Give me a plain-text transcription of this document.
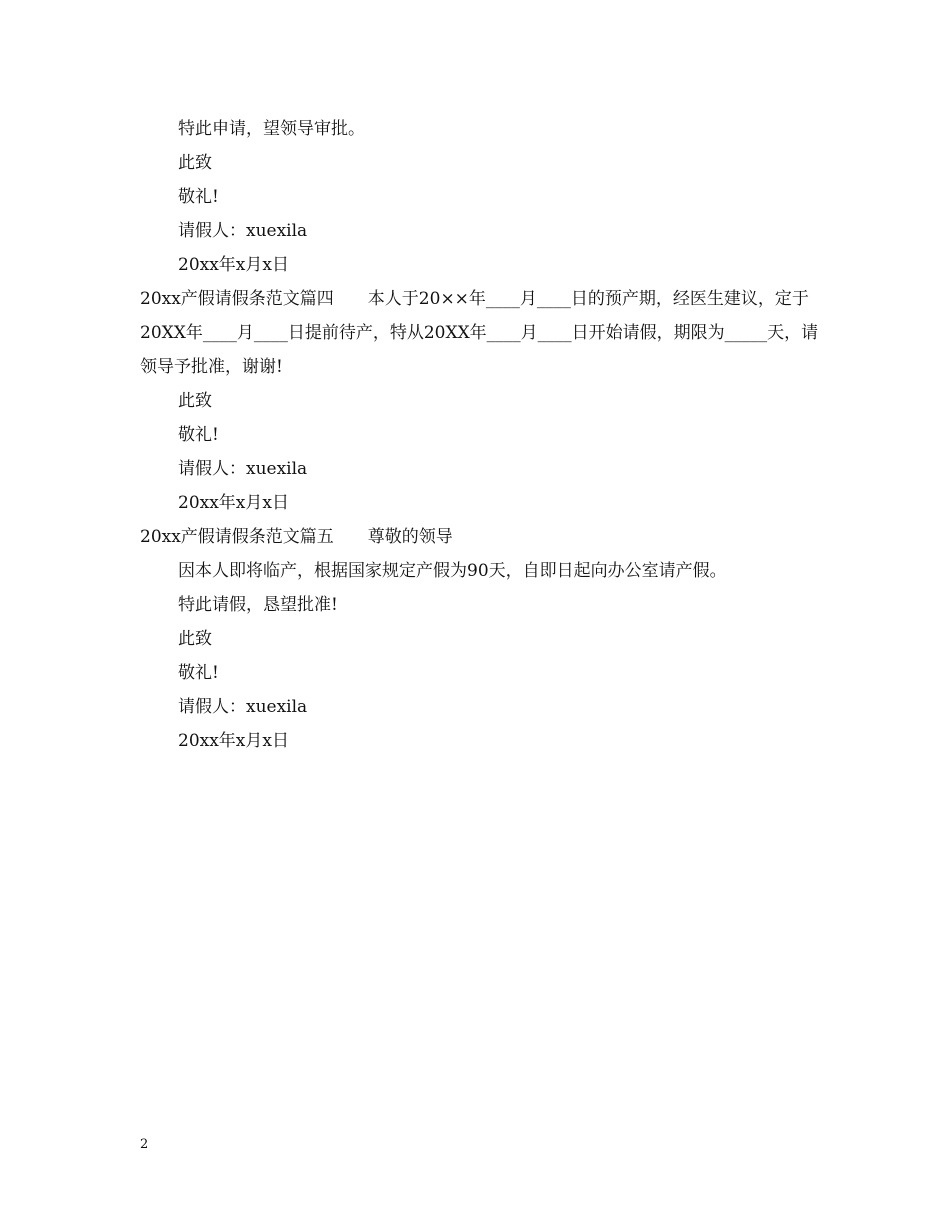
特此申请，望领导审批。

此致

敬礼!

请假人：xuexila

20xx年x月x日

20xx产假请假条范文篇四　　本人于20××年____月____日的预产期，经医生建议，定于20XX年____月____日提前待产，特从20XX年____月____日开始请假，期限为_____天，请领导予批准，谢谢!

此致

敬礼!

请假人：xuexila

20xx年x月x日

20xx产假请假条范文篇五　　尊敬的领导

因本人即将临产，根据国家规定产假为90天，自即日起向办公室请产假。

特此请假，恳望批准!

此致

敬礼!

请假人：xuexila

20xx年x月x日

2
